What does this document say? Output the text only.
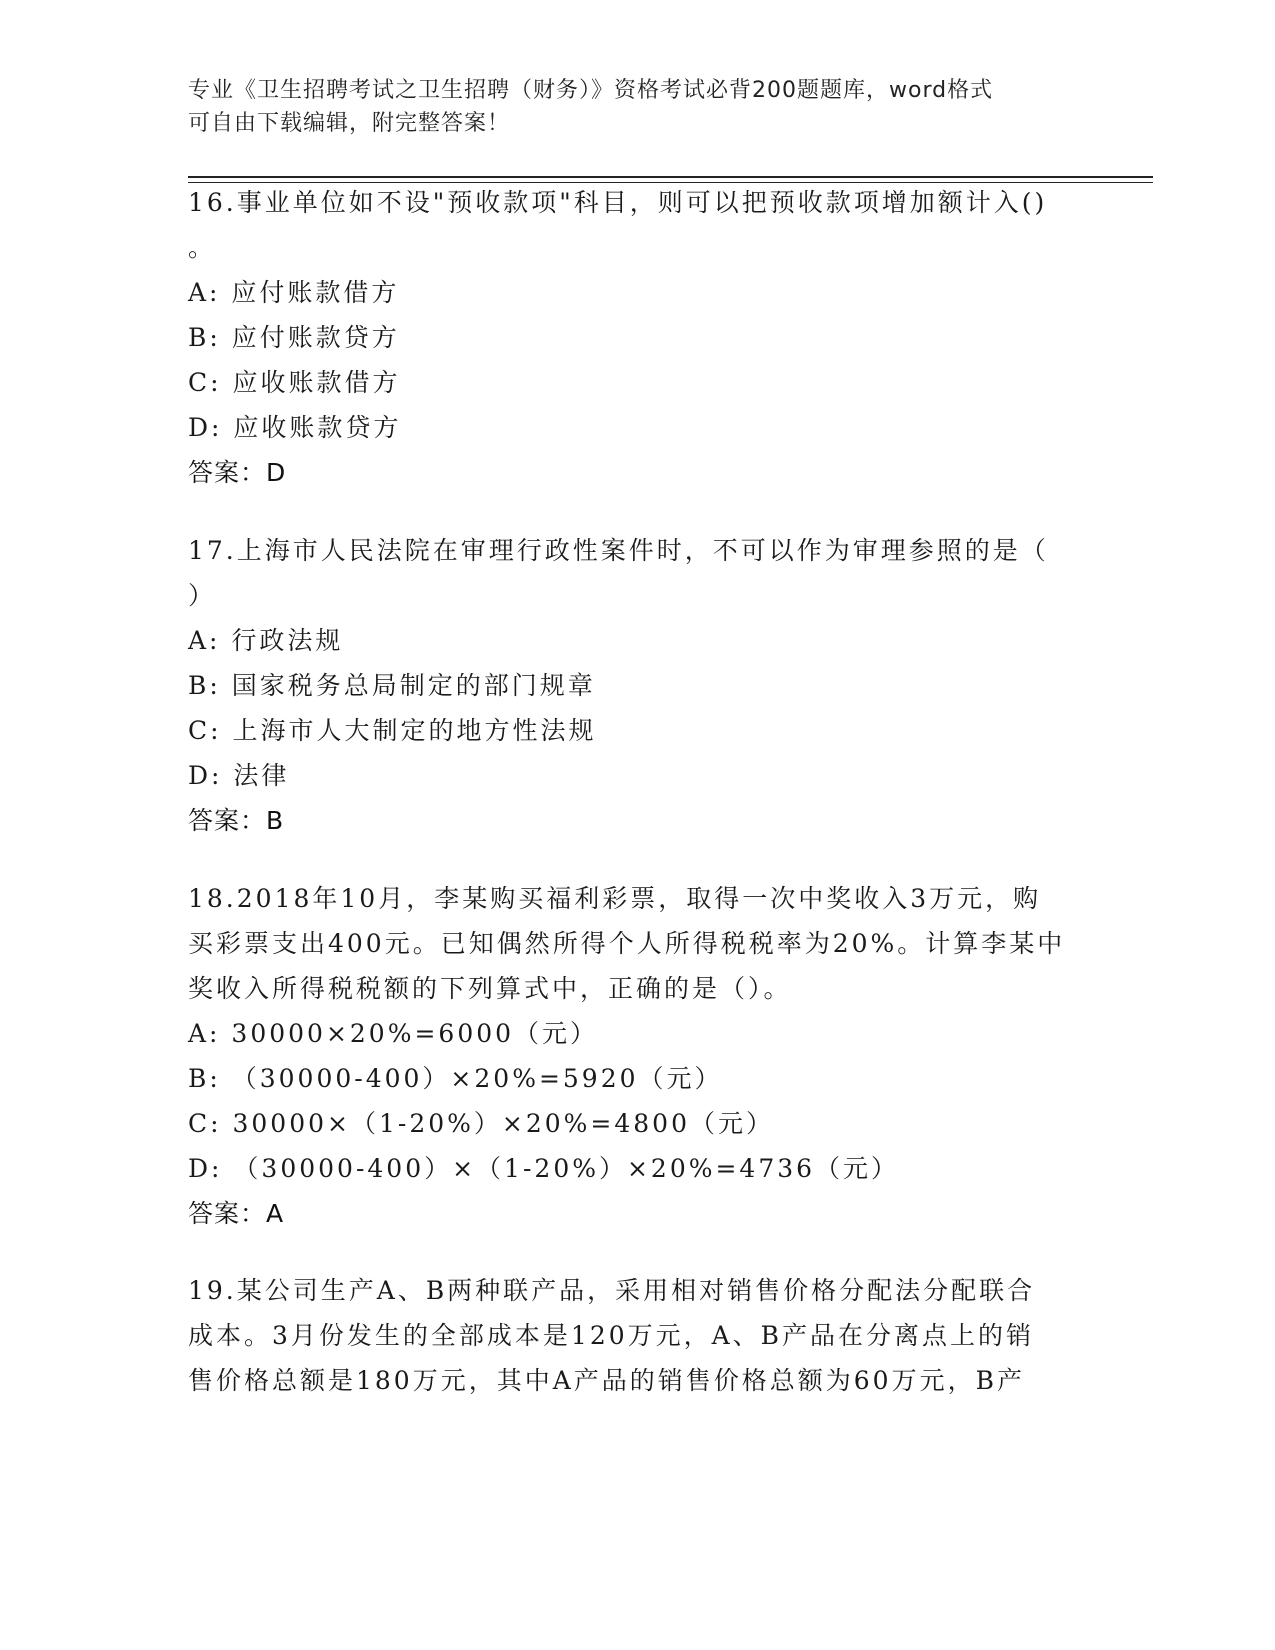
专业《卫生招聘考试之卫生招聘（财务）》资格考试必背200题题库，word格式
可自由下载编辑，附完整答案！

16.事业单位如不设"预收款项"科目，则可以把预收款项增加额计入()

。

A: 应付账款借方

B: 应付账款贷方

C: 应收账款借方

D: 应收账款贷方

答案：D

17.上海市人民法院在审理行政性案件时，不可以作为审理参照的是（

）

A: 行政法规

B: 国家税务总局制定的部门规章

C: 上海市人大制定的地方性法规

D: 法律

答案：B

18.2018年10月，李某购买福利彩票，取得一次中奖收入3万元，购

买彩票支出400元。已知偶然所得个人所得税税率为20%。计算李某中

奖收入所得税税额的下列算式中，正确的是（）。

A: 30000×20%=6000（元）

B: （30000-400）×20%=5920（元）

C: 30000×（1-20%）×20%=4800（元）

D: （30000-400）×（1-20%）×20%=4736（元）

答案：A

19.某公司生产A、B两种联产品，采用相对销售价格分配法分配联合

成本。3月份发生的全部成本是120万元，A、B产品在分离点上的销

售价格总额是180万元，其中A产品的销售价格总额为60万元，B产
